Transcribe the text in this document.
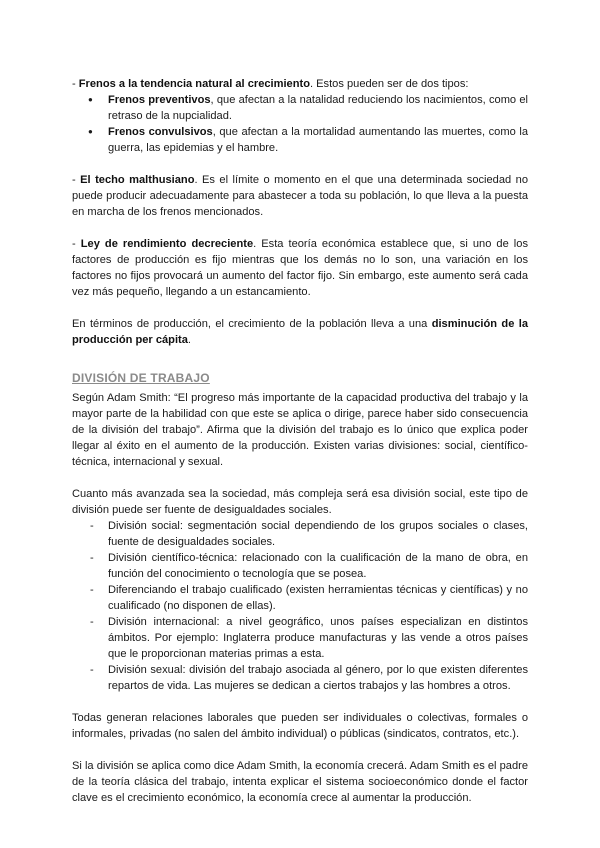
- Frenos a la tendencia natural al crecimiento. Estos pueden ser de dos tipos:

● Frenos preventivos, que afectan a la natalidad reduciendo los nacimientos, como el retraso de la nupcialidad.
● Frenos convulsivos, que afectan a la mortalidad aumentando las muertes, como la guerra, las epidemias y el hambre.

- El techo malthusiano. Es el límite o momento en el que una determinada sociedad no puede producir adecuadamente para abastecer a toda su población, lo que lleva a la puesta en marcha de los frenos mencionados.

- Ley de rendimiento decreciente. Esta teoría económica establece que, si uno de los factores de producción es fijo mientras que los demás no lo son, una variación en los factores no fijos provocará un aumento del factor fijo. Sin embargo, este aumento será cada vez más pequeño, llegando a un estancamiento.

En términos de producción, el crecimiento de la población lleva a una disminución de la producción per cápita.

DIVISIÓN DE TRABAJO

Según Adam Smith: “El progreso más importante de la capacidad productiva del trabajo y la mayor parte de la habilidad con que este se aplica o dirige, parece haber sido consecuencia de la división del trabajo”. Afirma que la división del trabajo es lo único que explica poder llegar al éxito en el aumento de la producción. Existen varias divisiones: social, científico-técnica, internacional y sexual.

Cuanto más avanzada sea la sociedad, más compleja será esa división social, este tipo de división puede ser fuente de desigualdades sociales.

- División social: segmentación social dependiendo de los grupos sociales o clases, fuente de desigualdades sociales.
- División científico-técnica: relacionado con la cualificación de la mano de obra, en función del conocimiento o tecnología que se posea.
- Diferenciando el trabajo cualificado (existen herramientas técnicas y científicas) y no cualificado (no disponen de ellas).
- División internacional: a nivel geográfico, unos países especializan en distintos ámbitos. Por ejemplo: Inglaterra produce manufacturas y las vende a otros países que le proporcionan materias primas a esta.
- División sexual: división del trabajo asociada al género, por lo que existen diferentes repartos de vida. Las mujeres se dedican a ciertos trabajos y las hombres a otros.

Todas generan relaciones laborales que pueden ser individuales o colectivas, formales o informales, privadas (no salen del ámbito individual) o públicas (sindicatos, contratos, etc.).

Si la división se aplica como dice Adam Smith, la economía crecerá. Adam Smith es el padre de la teoría clásica del trabajo, intenta explicar el sistema socioeconómico donde el factor clave es el crecimiento económico, la economía crece al aumentar la producción.
